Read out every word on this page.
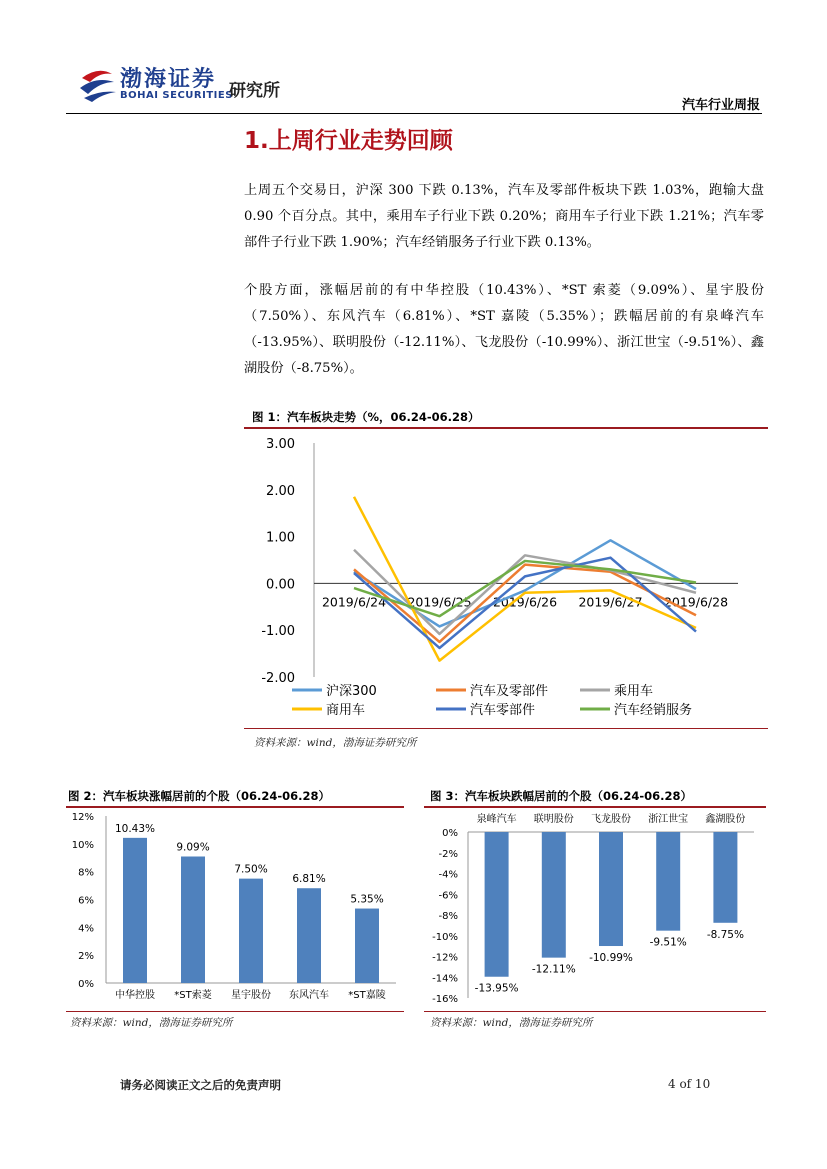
渤海证券
BOHAI SECURITIES
研究所
汽车行业周报
1.上周行业走势回顾
上周五个交易日，沪深 300 下跌 0.13%，汽车及零部件板块下跌 1.03%，跑输大盘 0.90 个百分点。其中，乘用车子行业下跌 0.20%；商用车子行业下跌 1.21%；汽车零部件子行业下跌 1.90%；汽车经销服务子行业下跌 0.13%。
个股方面，涨幅居前的有中华控股（10.43%）、*ST 索菱（9.09%）、星宇股份（7.50%）、东风汽车（6.81%）、*ST 嘉陵（5.35%）；跌幅居前的有泉峰汽车（-13.95%）、联明股份（-12.11%）、飞龙股份（-10.99%）、浙江世宝（-9.51%）、鑫湖股份（-8.75%）。
图 1：汽车板块走势（%，06.24-06.28）
3.00
2.00
1.00
0.00
-1.00
-2.00
2019/6/24 2019/6/25 2019/6/26 2019/6/27 2019/6/28
沪深300	汽车及零部件	乘用车
商用车	汽车零部件	汽车经销服务
资料来源：wind，渤海证券研究所
图 2：汽车板块涨幅居前的个股（06.24-06.28）
12%
10%
8%
6%
4%
2%
0%
10.43%
中华控股
9.09%
*ST索菱
7.50%
星宇股份
6.81%
东风汽车
5.35%
*ST嘉陵
资料来源：wind，渤海证券研究所
图 3：汽车板块跌幅居前的个股（06.24-06.28）
0%
-2%
-4%
-6%
-8%
-10%
-12%
-14%
-16%
-13.95%
泉峰汽车
-12.11%
联明股份
-10.99%
飞龙股份
-9.51%
浙江世宝
-8.75%
鑫湖股份
资料来源：wind，渤海证券研究所
请务必阅读正文之后的免责声明	4 of 10
